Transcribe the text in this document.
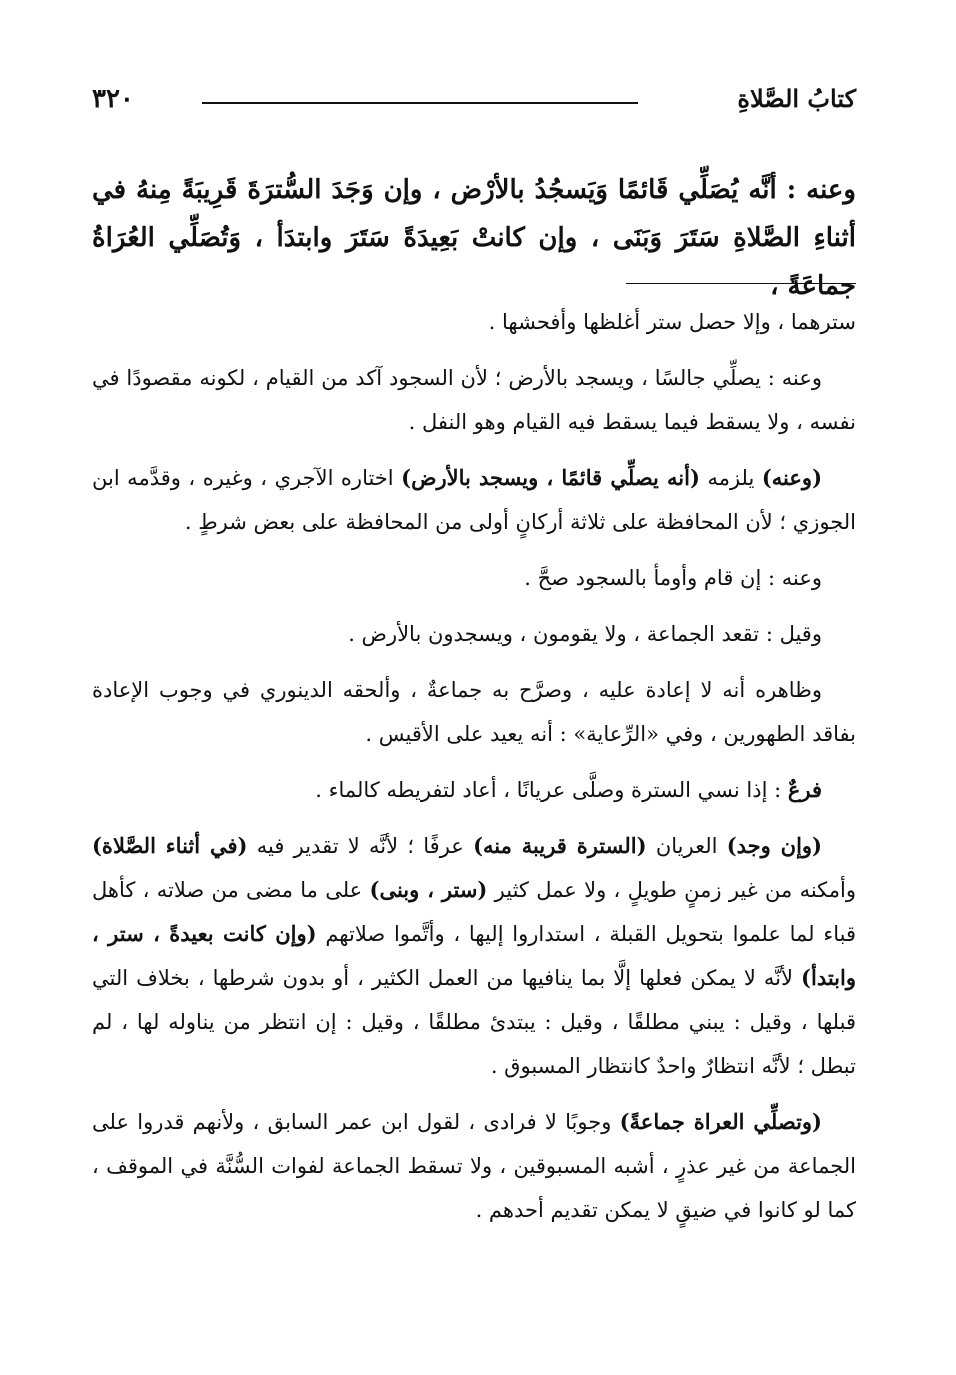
كتابُ الصَّلاةِ
٣٢٠

وعنه : أنَّه يُصَلِّي قَائمًا وَيَسجُدُ بالأرْض ، وإن وَجَدَ السُّترَةَ قَرِيبَةً مِنهُ في أثناءِ الصَّلاةِ سَتَرَ وَبَنَى ، وإن كانتْ بَعِيدَةً سَتَرَ وابتدَأ ، وَتُصَلِّي العُرَاةُ جماعَةً ،

سترهما ، وإلا حصل ستر أغلظها وأفحشها .

وعنه : يصلِّي جالسًا ، ويسجد بالأرض ؛ لأن السجود آكد من القيام ، لكونه مقصودًا في نفسه ، ولا يسقط فيما يسقط فيه القيام وهو النفل .

(وعنه) يلزمه (أنه يصلِّي قائمًا ، ويسجد بالأرض) اختاره الآجري ، وغيره ، وقدَّمه ابن الجوزي ؛ لأن المحافظة على ثلاثة أركانٍ أولى من المحافظة على بعض شرطٍ .

وعنه : إن قام وأومأ بالسجود صحَّ .

وقيل : تقعد الجماعة ، ولا يقومون ، ويسجدون بالأرض .

وظاهره أنه لا إعادة عليه ، وصرَّح به جماعةٌ ، وألحقه الدينوري في وجوب الإعادة بفاقد الطهورين ، وفي «الرِّعاية» : أنه يعيد على الأقيس .

فرعٌ : إذا نسي السترة وصلَّى عريانًا ، أعاد لتفريطه كالماء .

(وإن وجد) العريان (السترة قريبة منه) عرفًا ؛ لأنَّه لا تقدير فيه (في أثناء الصَّلاة) وأمكنه من غير زمنٍ طويلٍ ، ولا عمل كثير (ستر ، وبنى) على ما مضى من صلاته ، كأهل قباء لما علموا بتحويل القبلة ، استداروا إليها ، وأتَّموا صلاتهم (وإن كانت بعيدةً ، ستر ، وابتدأ) لأنَّه لا يمكن فعلها إلَّا بما ينافيها من العمل الكثير ، أو بدون شرطها ، بخلاف التي قبلها ، وقيل : يبني مطلقًا ، وقيل : يبتدئ مطلقًا ، وقيل : إن انتظر من يناوله لها ، لم تبطل ؛ لأنَّه انتظارٌ واحدٌ كانتظار المسبوق .

(وتصلِّي العراة جماعةً) وجوبًا لا فرادى ، لقول ابن عمر السابق ، ولأنهم قدروا على الجماعة من غير عذرٍ ، أشبه المسبوقين ، ولا تسقط الجماعة لفوات السُّنَّة في الموقف ، كما لو كانوا في ضيقٍ لا يمكن تقديم أحدهم .
